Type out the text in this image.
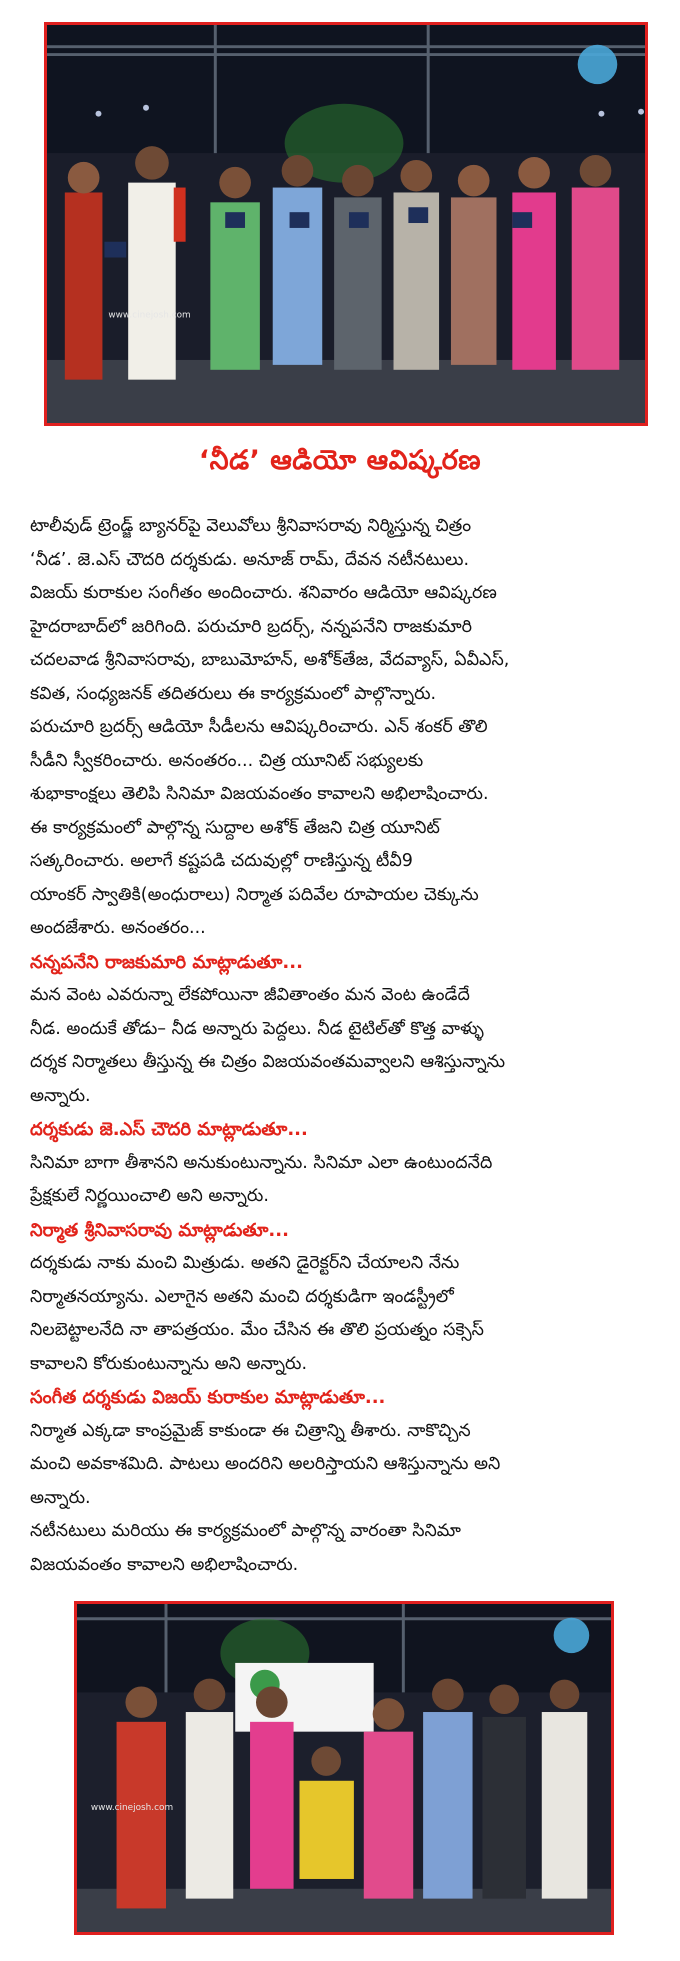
www.cinejosh.com
‘నీడ’ ఆడియో ఆవిష్కరణ
టాలీవుడ్ ట్రెండ్జ్ బ్యానర్‌పై వెలువోలు శ్రీనివాసరావు నిర్మిస్తున్న చిత్రం
‘నీడ’. జె.ఎస్ చౌదరి దర్శకుడు. అనూజ్ రామ్, దేవన నటీనటులు.
విజయ్ కురాకుల సంగీతం అందించారు. శనివారం ఆడియో ఆవిష్కరణ
హైదరాబాద్‌లో జరిగింది. పరుచూరి బ్రదర్స్, నన్నపనేని రాజకుమారి
చదలవాడ శ్రీనివాసరావు, బాబుమోహన్, అశోక్‌తేజ, వేదవ్యాస్, ఏవీఎస్,
కవిత, సంధ్యజనక్ తదితరులు ఈ కార్యక్రమంలో పాల్గొన్నారు.
పరుచూరి బ్రదర్స్ ఆడియో సీడీలను ఆవిష్కరించారు. ఎన్ శంకర్ తొలి
సీడీని స్వీకరించారు. అనంతరం... చిత్ర యూనిట్ సభ్యులకు
శుభాకాంక్షలు తెలిపి సినిమా విజయవంతం కావాలని అభిలాషించారు.
ఈ కార్యక్రమంలో పాల్గొన్న సుద్దాల అశోక్ తేజని చిత్ర యూనిట్
సత్కరించారు. అలాగే కష్టపడి చదువుల్లో రాణిస్తున్న టీవీ9
యాంకర్ స్వాతికి(అంధురాలు) నిర్మాత పదివేల రూపాయల చెక్కును
అందజేశారు. అనంతరం...
నన్నపనేని రాజకుమారి మాట్లాడుతూ...
మన వెంట ఎవరున్నా లేకపోయినా జీవితాంతం మన వెంట ఉండేదే
నీడ. అందుకే తోడు– నీడ అన్నారు పెద్దలు. నీడ టైటిల్‌తో కొత్త వాళ్ళు
దర్శక నిర్మాతలు తీస్తున్న ఈ చిత్రం విజయవంతమవ్వాలని ఆశిస్తున్నాను
అన్నారు.
దర్శకుడు జె.ఎస్ చౌదరి మాట్లాడుతూ...
సినిమా బాగా తీశానని అనుకుంటున్నాను. సినిమా ఎలా ఉంటుందనేది
ప్రేక్షకులే నిర్ణయించాలి అని అన్నారు.
నిర్మాత శ్రీనివాసరావు మాట్లాడుతూ...
దర్శకుడు నాకు మంచి మిత్రుడు. అతని డైరెక్టర్‌ని చేయాలని నేను
నిర్మాతనయ్యాను. ఎలాగైన అతని మంచి దర్శకుడిగా ఇండస్ట్రీలో
నిలబెట్టాలనేది నా తాపత్రయం. మేం చేసిన ఈ తొలి ప్రయత్నం సక్సెస్
కావాలని కోరుకుంటున్నాను అని అన్నారు.
సంగీత దర్శకుడు విజయ్ కురాకుల మాట్లాడుతూ...
నిర్మాత ఎక్కడా కాంప్రమైజ్ కాకుండా ఈ చిత్రాన్ని తీశారు. నాకొచ్చిన
మంచి అవకాశమిది. పాటలు అందరిని అలరిస్తాయని ఆశిస్తున్నాను అని
అన్నారు.
నటీనటులు మరియు ఈ కార్యక్రమంలో పాల్గొన్న వారంతా సినిమా
విజయవంతం కావాలని అభిలాషించారు.
www.cinejosh.com
